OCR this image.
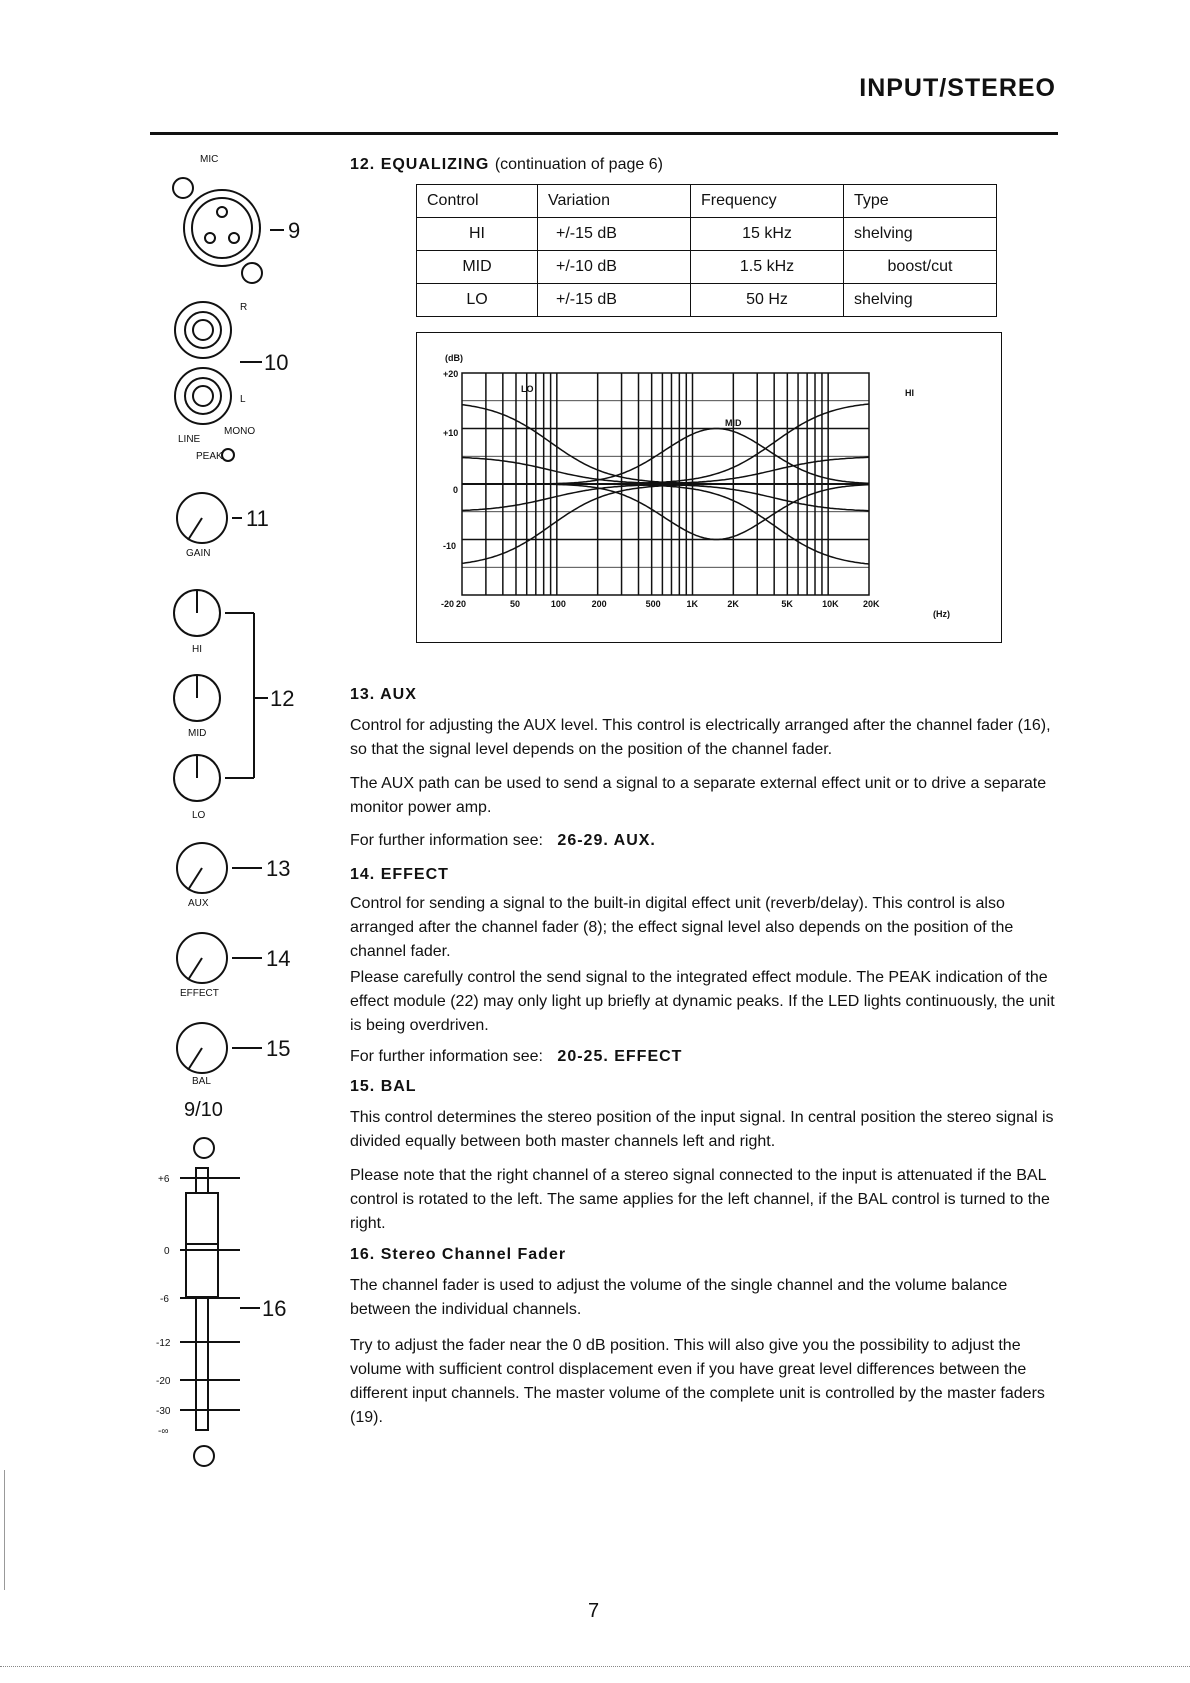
INPUT/STEREO
MIC
9
R
10
L
LINE
MONO
PEAK
11
GAIN
HI
12
MID
LO
13
AUX
14
EFFECT
15
BAL
9/10
16
+6
0
-6
-12
-20
-30
-∞
12. EQUALIZING (continuation of page 6)
Control	Variation	Frequency	Type
HI	+/-15 dB	15 kHz	shelving
MID	+/-10 dB	1.5 kHz	boost/cut
LO	+/-15 dB	50 Hz	shelving
(dB)
+20
+10
0
-10
-20
LO
MID
HI
(Hz)
20	50	100	200	500	1K	2K	5K	10K	20K
13. AUX

Control for adjusting the AUX level. This control is electrically arranged after the channel fader (16), so that the signal level depends on the position of the channel fader.

The AUX path can be used to send a signal to a separate external effect unit or to drive a separate monitor power amp.

For further information see: 26-29. AUX.
14. EFFECT

Control for sending a signal to the built-in digital effect unit (reverb/delay). This control is also arranged after the channel fader (8); the effect signal level also depends on the position of the channel fader.

Please carefully control the send signal to the integrated effect module. The PEAK indication of the effect module (22) may only light up briefly at dynamic peaks. If the LED lights continuously, the unit is being overdriven.

For further information see: 20-25. EFFECT
15. BAL

This control determines the stereo position of the input signal. In central position the stereo signal is divided equally between both master channels left and right.

Please note that the right channel of a stereo signal connected to the input is attenuated if the BAL control is rotated to the left. The same applies for the left channel, if the BAL control is turned to the right.

16. Stereo Channel Fader

The channel fader is used to adjust the volume of the single channel and the volume balance between the individual channels.

Try to adjust the fader near the 0 dB position. This will also give you the possibility to adjust the volume with sufficient control displacement even if you have great level differences between the different input channels. The master volume of the complete unit is controlled by the master faders (19).

7
